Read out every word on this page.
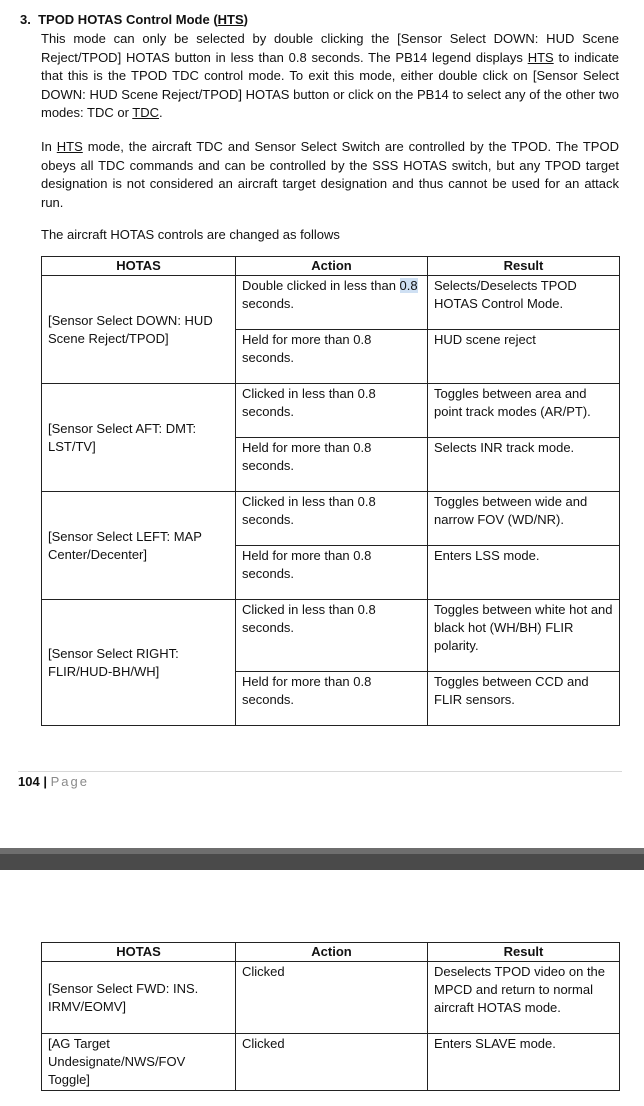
3. TPOD HOTAS Control Mode (HTS)

This mode can only be selected by double clicking the [Sensor Select DOWN: HUD Scene Reject/TPOD] HOTAS button in less than 0.8 seconds. The PB14 legend displays HTS to indicate that this is the TPOD TDC control mode. To exit this mode, either double click on [Sensor Select DOWN: HUD Scene Reject/TPOD] HOTAS button or click on the PB14 to select any of the other two modes: TDC or TDC.

In HTS mode, the aircraft TDC and Sensor Select Switch are controlled by the TPOD. The TPOD obeys all TDC commands and can be controlled by the SSS HOTAS switch, but any TPOD target designation is not considered an aircraft target designation and thus cannot be used for an attack run.

The aircraft HOTAS controls are changed as follows

HOTAS	Action	Result
[Sensor Select DOWN: HUD Scene Reject/TPOD]	Double clicked in less than 0.8 seconds.	Selects/Deselects TPOD HOTAS Control Mode.
	Held for more than 0.8 seconds.	HUD scene reject
[Sensor Select AFT: DMT: LST/TV]	Clicked in less than 0.8 seconds.	Toggles between area and point track modes (AR/PT).
	Held for more than 0.8 seconds.	Selects INR track mode.
[Sensor Select LEFT: MAP Center/Decenter]	Clicked in less than 0.8 seconds.	Toggles between wide and narrow FOV (WD/NR).
	Held for more than 0.8 seconds.	Enters LSS mode.
[Sensor Select RIGHT: FLIR/HUD-BH/WH]	Clicked in less than 0.8 seconds.	Toggles between white hot and black hot (WH/BH) FLIR polarity.
	Held for more than 0.8 seconds.	Toggles between CCD and FLIR sensors.
104 | Page
HOTAS	Action	Result
[Sensor Select FWD: INS. IRMV/EOMV]	Clicked	Deselects TPOD video on the MPCD and return to normal aircraft HOTAS mode.
[AG Target Undesignate/NWS/FOV Toggle]	Clicked	Enters SLAVE mode.
